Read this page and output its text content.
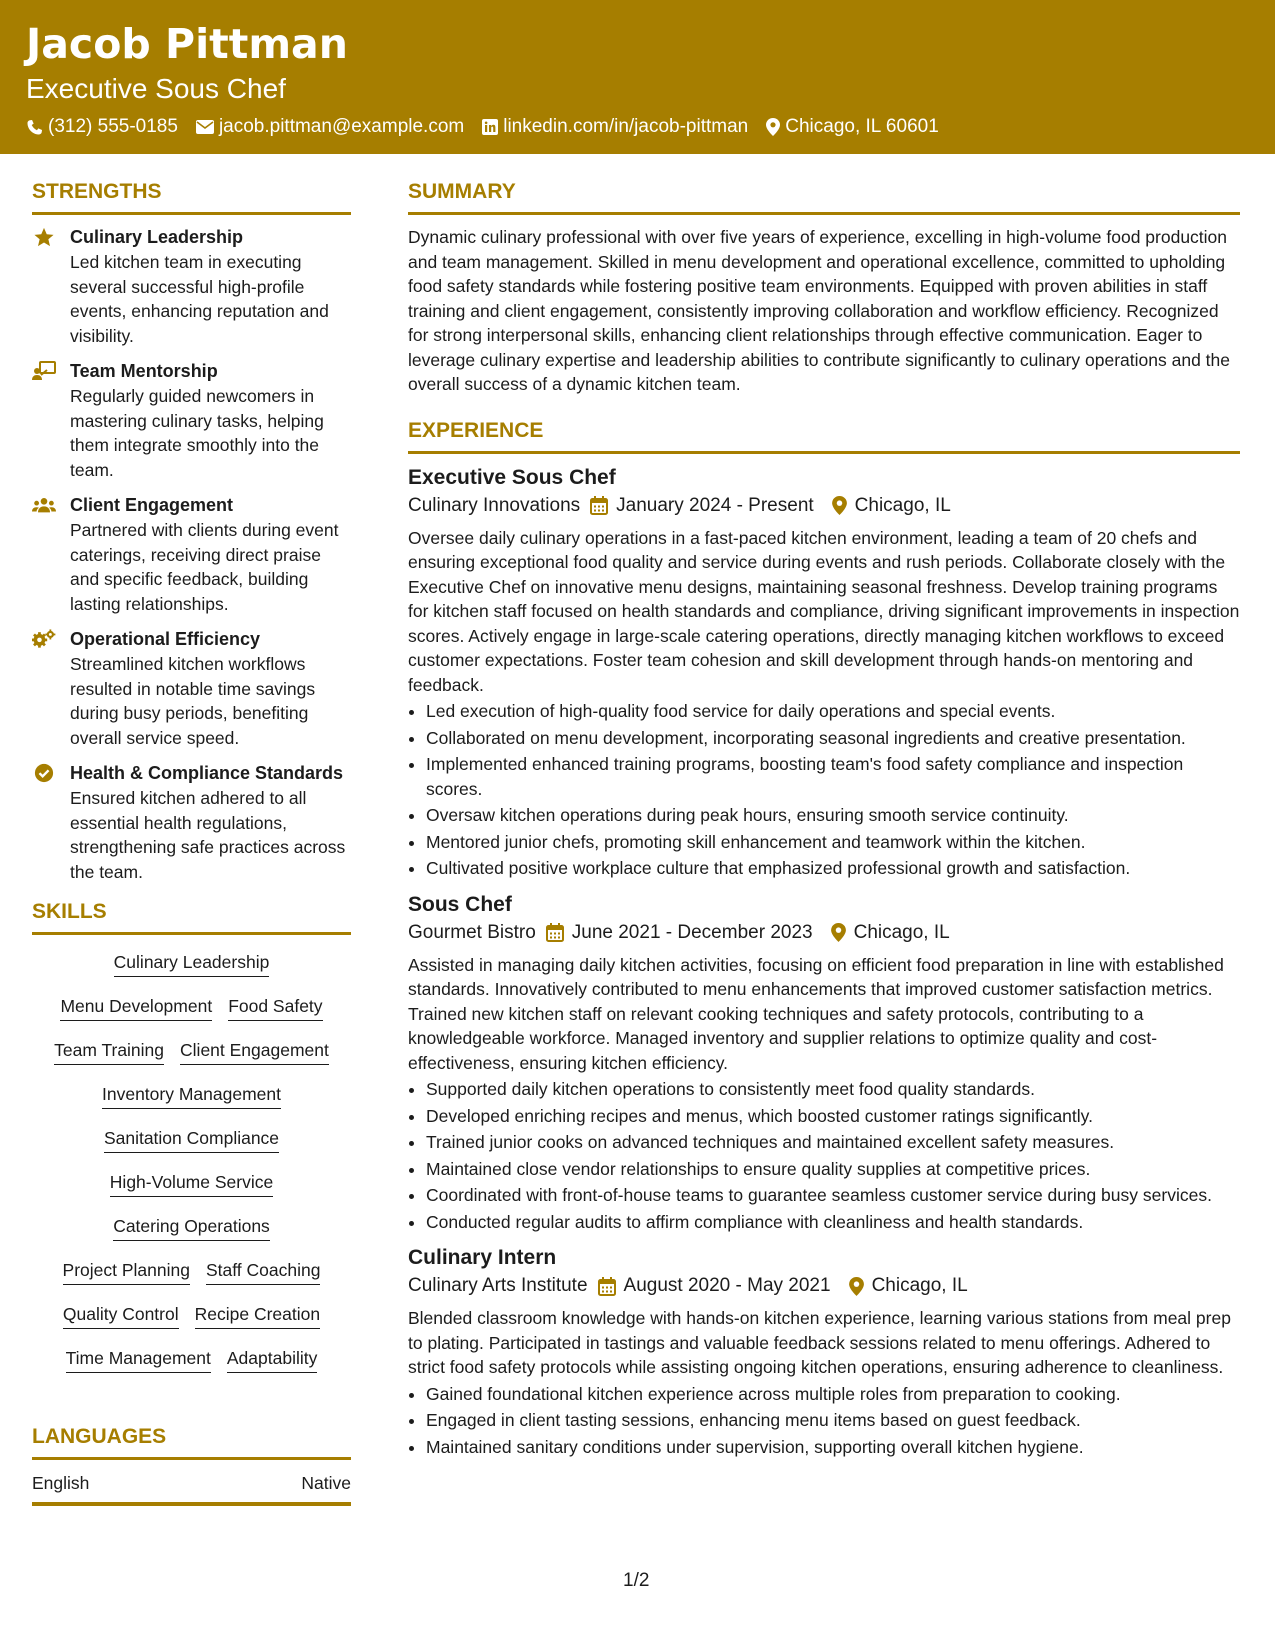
Jacob Pittman
Executive Sous Chef
(312) 555-0185 jacob.pittman@example.com linkedin.com/in/jacob-pittman Chicago, IL 60601
STRENGTHS
Culinary Leadership
Led kitchen team in executing several successful high-profile events, enhancing reputation and visibility.
Team Mentorship
Regularly guided newcomers in mastering culinary tasks, helping them integrate smoothly into the team.
Client Engagement
Partnered with clients during event caterings, receiving direct praise and specific feedback, building lasting relationships.
Operational Efficiency
Streamlined kitchen workflows resulted in notable time savings during busy periods, benefiting overall service speed.
Health & Compliance Standards
Ensured kitchen adhered to all essential health regulations, strengthening safe practices across the team.
SKILLS
Culinary Leadership
Menu Development Food Safety
Team Training Client Engagement
Inventory Management
Sanitation Compliance
High-Volume Service
Catering Operations
Project Planning Staff Coaching
Quality Control Recipe Creation
Time Management Adaptability
LANGUAGES
English	Native
SUMMARY
Dynamic culinary professional with over five years of experience, excelling in high-volume food production and team management. Skilled in menu development and operational excellence, committed to upholding food safety standards while fostering positive team environments. Equipped with proven abilities in staff training and client engagement, consistently improving collaboration and workflow efficiency. Recognized for strong interpersonal skills, enhancing client relationships through effective communication. Eager to leverage culinary expertise and leadership abilities to contribute significantly to culinary operations and the overall success of a dynamic kitchen team.
EXPERIENCE
Executive Sous Chef
Culinary Innovations January 2024 - Present Chicago, IL
Oversee daily culinary operations in a fast-paced kitchen environment, leading a team of 20 chefs and ensuring exceptional food quality and service during events and rush periods. Collaborate closely with the Executive Chef on innovative menu designs, maintaining seasonal freshness. Develop training programs for kitchen staff focused on health standards and compliance, driving significant improvements in inspection scores. Actively engage in large-scale catering operations, directly managing kitchen workflows to exceed customer expectations. Foster team cohesion and skill development through hands-on mentoring and feedback.
• Led execution of high-quality food service for daily operations and special events.
• Collaborated on menu development, incorporating seasonal ingredients and creative presentation.
• Implemented enhanced training programs, boosting team's food safety compliance and inspection scores.
• Oversaw kitchen operations during peak hours, ensuring smooth service continuity.
• Mentored junior chefs, promoting skill enhancement and teamwork within the kitchen.
• Cultivated positive workplace culture that emphasized professional growth and satisfaction.
Sous Chef
Gourmet Bistro June 2021 - December 2023 Chicago, IL
Assisted in managing daily kitchen activities, focusing on efficient food preparation in line with established standards. Innovatively contributed to menu enhancements that improved customer satisfaction metrics. Trained new kitchen staff on relevant cooking techniques and safety protocols, contributing to a knowledgeable workforce. Managed inventory and supplier relations to optimize quality and cost-effectiveness, ensuring kitchen efficiency.
• Supported daily kitchen operations to consistently meet food quality standards.
• Developed enriching recipes and menus, which boosted customer ratings significantly.
• Trained junior cooks on advanced techniques and maintained excellent safety measures.
• Maintained close vendor relationships to ensure quality supplies at competitive prices.
• Coordinated with front-of-house teams to guarantee seamless customer service during busy services.
• Conducted regular audits to affirm compliance with cleanliness and health standards.
Culinary Intern
Culinary Arts Institute August 2020 - May 2021 Chicago, IL
Blended classroom knowledge with hands-on kitchen experience, learning various stations from meal prep to plating. Participated in tastings and valuable feedback sessions related to menu offerings. Adhered to strict food safety protocols while assisting ongoing kitchen operations, ensuring adherence to cleanliness.
• Gained foundational kitchen experience across multiple roles from preparation to cooking.
• Engaged in client tasting sessions, enhancing menu items based on guest feedback.
• Maintained sanitary conditions under supervision, supporting overall kitchen hygiene.
1/2
